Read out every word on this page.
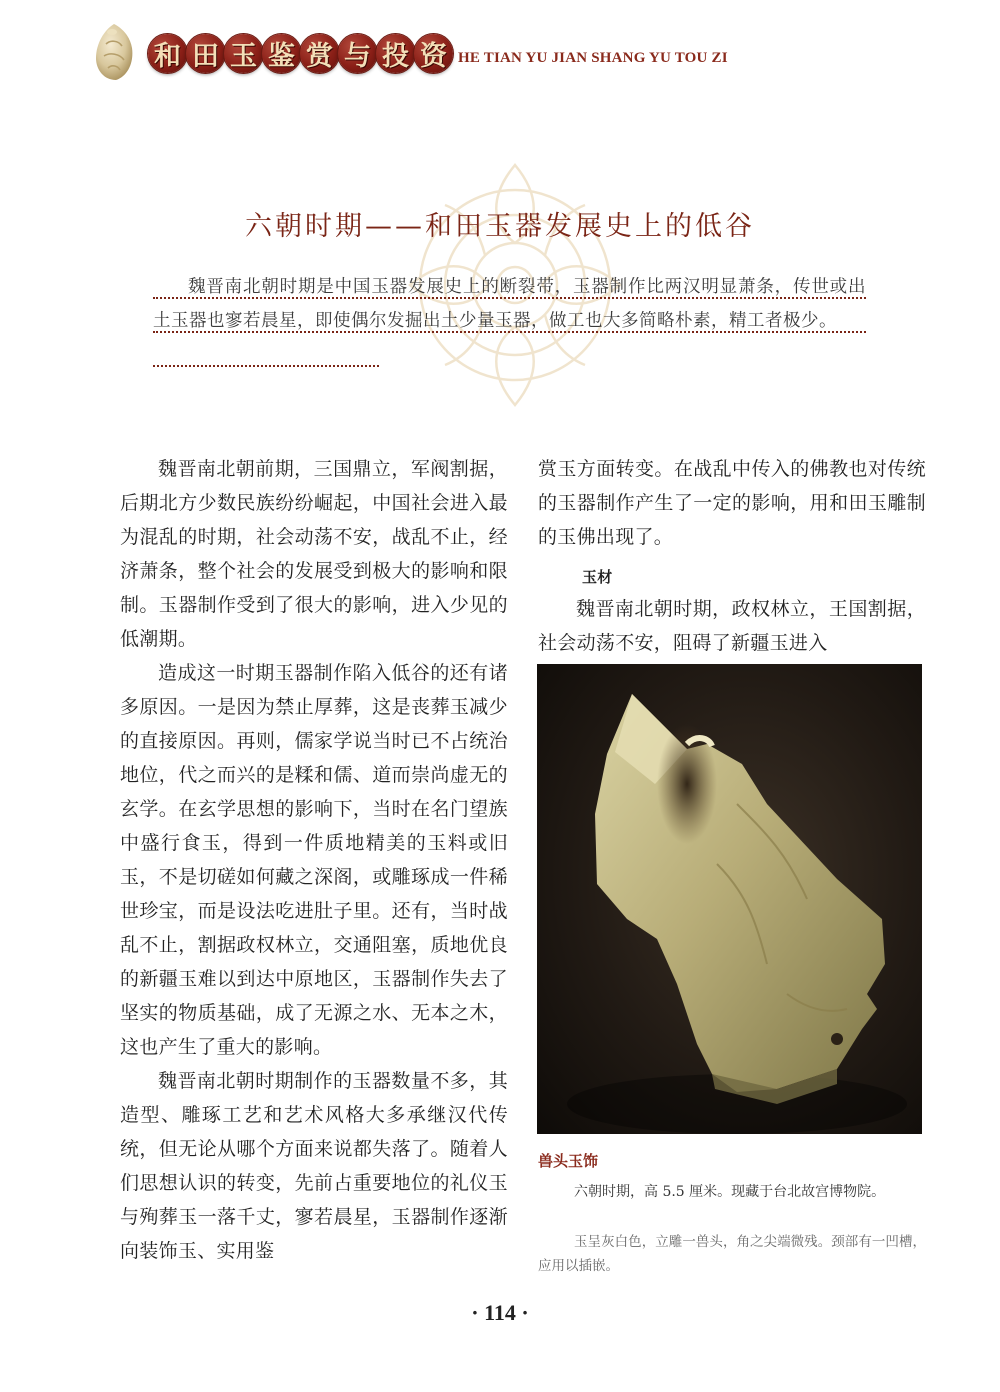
和 田 玉 鉴 赏 与 投 资 HE TIAN YU JIAN SHANG YU TOU ZI
六朝时期——和田玉器发展史上的低谷
魏晋南北朝时期是中国玉器发展史上的断裂带，玉器制作比两汉明显萧条，传世或出土玉器也寥若晨星，即使偶尔发掘出土少量玉器，做工也大多简略朴素，精工者极少。

魏晋南北朝前期，三国鼎立，军阀割据，后期北方少数民族纷纷崛起，中国社会进入最为混乱的时期，社会动荡不安，战乱不止，经济萧条，整个社会的发展受到极大的影响和限制。玉器制作受到了很大的影响，进入少见的低潮期。

造成这一时期玉器制作陷入低谷的还有诸多原因。一是因为禁止厚葬，这是丧葬玉减少的直接原因。再则，儒家学说当时已不占统治地位，代之而兴的是糅和儒、道而崇尚虚无的玄学。在玄学思想的影响下，当时在名门望族中盛行食玉，得到一件质地精美的玉料或旧玉，不是切磋如何藏之深阁，或雕琢成一件稀世珍宝，而是设法吃进肚子里。还有，当时战乱不止，割据政权林立，交通阻塞，质地优良的新疆玉难以到达中原地区，玉器制作失去了坚实的物质基础，成了无源之水、无本之木，这也产生了重大的影响。

魏晋南北朝时期制作的玉器数量不多，其造型、雕琢工艺和艺术风格大多承继汉代传统，但无论从哪个方面来说都失落了。随着人们思想认识的转变，先前占重要地位的礼仪玉与殉葬玉一落千丈，寥若晨星，玉器制作逐渐向装饰玉、实用鉴

赏玉方面转变。在战乱中传入的佛教也对传统的玉器制作产生了一定的影响，用和田玉雕制的玉佛出现了。

玉材

魏晋南北朝时期，政权林立，王国割据，社会动荡不安，阻碍了新疆玉进入

兽头玉饰
六朝时期，高 5.5 厘米。现藏于台北故宫博物院。
玉呈灰白色，立雕一兽头，角之尖端微残。颈部有一凹槽，应用以插嵌。
· 114 ·
